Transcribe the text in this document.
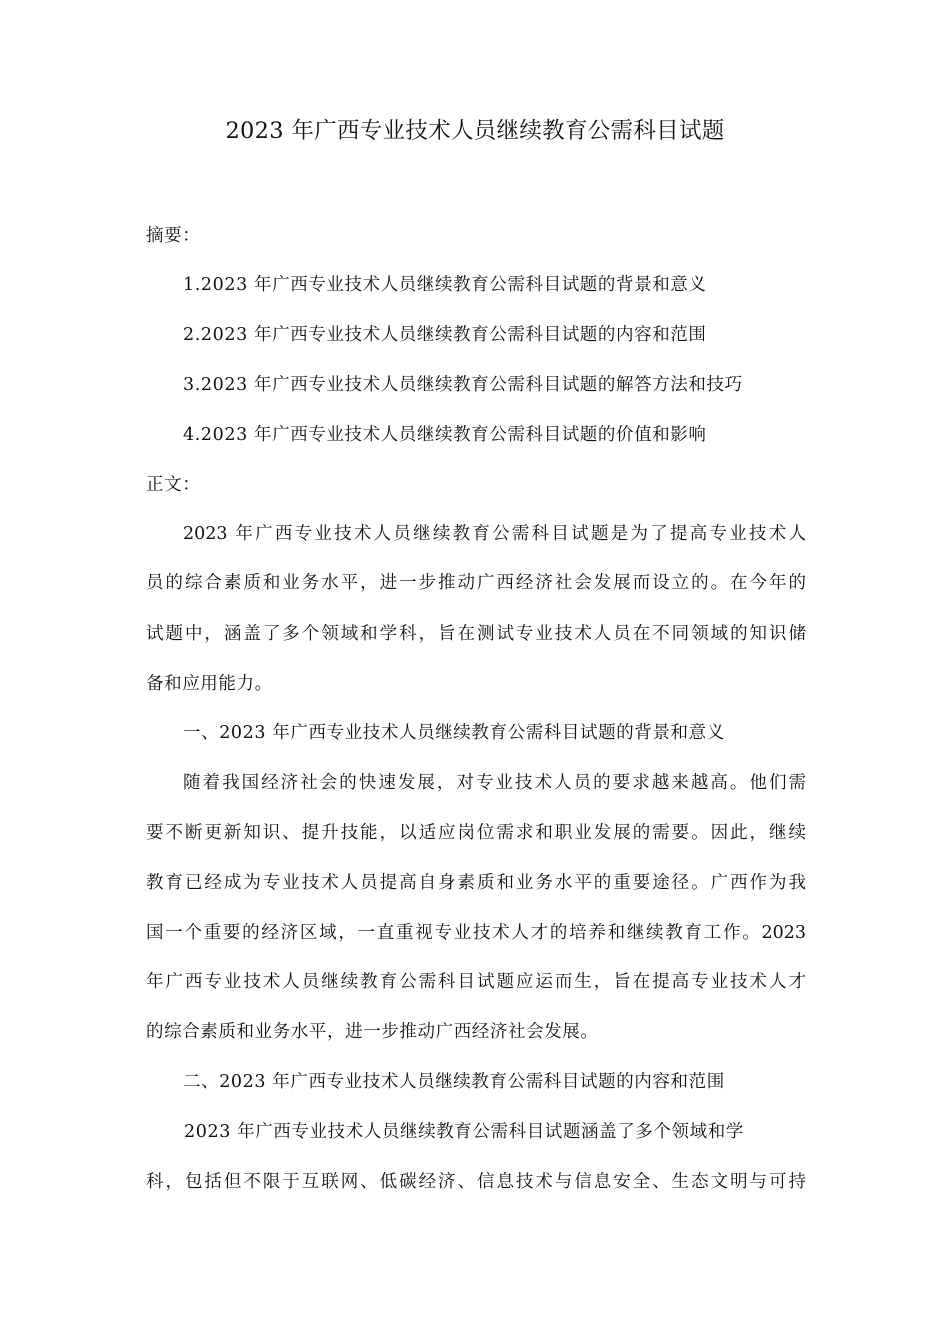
2023 年广西专业技术人员继续教育公需科目试题
摘要：
1.2023 年广西专业技术人员继续教育公需科目试题的背景和意义
2.2023 年广西专业技术人员继续教育公需科目试题的内容和范围
3.2023 年广西专业技术人员继续教育公需科目试题的解答方法和技巧
4.2023 年广西专业技术人员继续教育公需科目试题的价值和影响
正文：
2023 年广西专业技术人员继续教育公需科目试题是为了提高专业技术人
员的综合素质和业务水平，进一步推动广西经济社会发展而设立的。在今年的
试题中，涵盖了多个领域和学科，旨在测试专业技术人员在不同领域的知识储
备和应用能力。
一、2023 年广西专业技术人员继续教育公需科目试题的背景和意义
随着我国经济社会的快速发展，对专业技术人员的要求越来越高。他们需
要不断更新知识、提升技能，以适应岗位需求和职业发展的需要。因此，继续
教育已经成为专业技术人员提高自身素质和业务水平的重要途径。广西作为我
国一个重要的经济区域，一直重视专业技术人才的培养和继续教育工作。2023
年广西专业技术人员继续教育公需科目试题应运而生，旨在提高专业技术人才
的综合素质和业务水平，进一步推动广西经济社会发展。
二、2023 年广西专业技术人员继续教育公需科目试题的内容和范围
2023 年广西专业技术人员继续教育公需科目试题涵盖了多个领域和学
科，包括但不限于互联网、低碳经济、信息技术与信息安全、生态文明与可持
